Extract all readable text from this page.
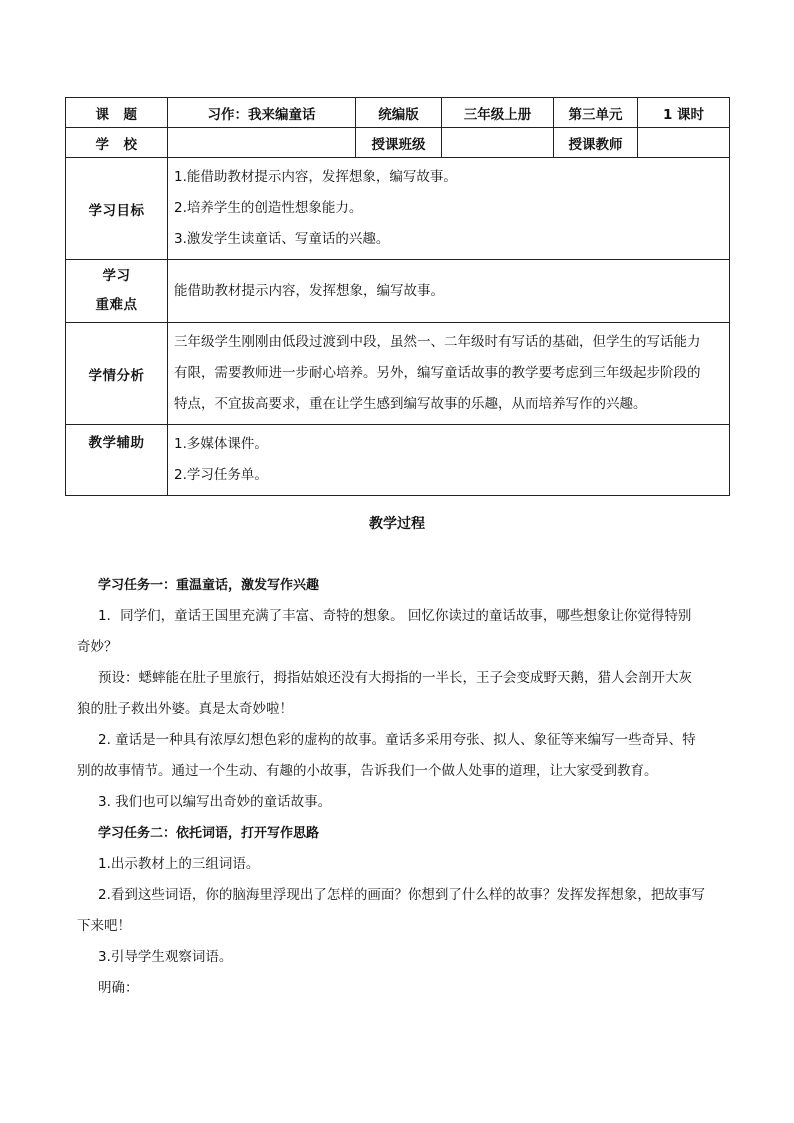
课　题	习作：我来编童话	统编版	三年级上册	第三单元	1 课时
学　校		授课班级		授课教师	
学习目标	1.能借助教材提示内容，发挥想象，编写故事。
2.培养学生的创造性想象能力。
3.激发学生读童话、写童话的兴趣。				

学习
重难点	能借助教材提示内容，发挥想象，编写故事。				

学情分析	三年级学生刚刚由低段过渡到中段，虽然一、二年级时有写话的基础，但学生的写话能力
有限，需要教师进一步耐心培养。另外，编写童话故事的教学要考虑到三年级起步阶段的
特点，不宜拔高要求，重在让学生感到编写故事的乐趣，从而培养写作的兴趣。				

教学辅助	1.多媒体课件。
2.学习任务单。				
教学过程

学习任务一：重温童话，激发写作兴趣

1．同学们，童话王国里充满了丰富、奇特的想象。 回忆你读过的童话故事，哪些想象让你觉得特别

奇妙？

预设：蟋蟀能在肚子里旅行，拇指姑娘还没有大拇指的一半长，王子会变成野天鹅，猎人会剖开大灰

狼的肚子救出外婆。真是太奇妙啦！

2. 童话是一种具有浓厚幻想色彩的虚构的故事。童话多采用夸张、拟人、象征等来编写一些奇异、特

别的故事情节。通过一个生动、有趣的小故事，告诉我们一个做人处事的道理，让大家受到教育。

3. 我们也可以编写出奇妙的童话故事。

学习任务二：依托词语，打开写作思路

1.出示教材上的三组词语。

2.看到这些词语，你的脑海里浮现出了怎样的画面？你想到了什么样的故事？发挥发挥想象，把故事写

下来吧！

3.引导学生观察词语。

明确：
